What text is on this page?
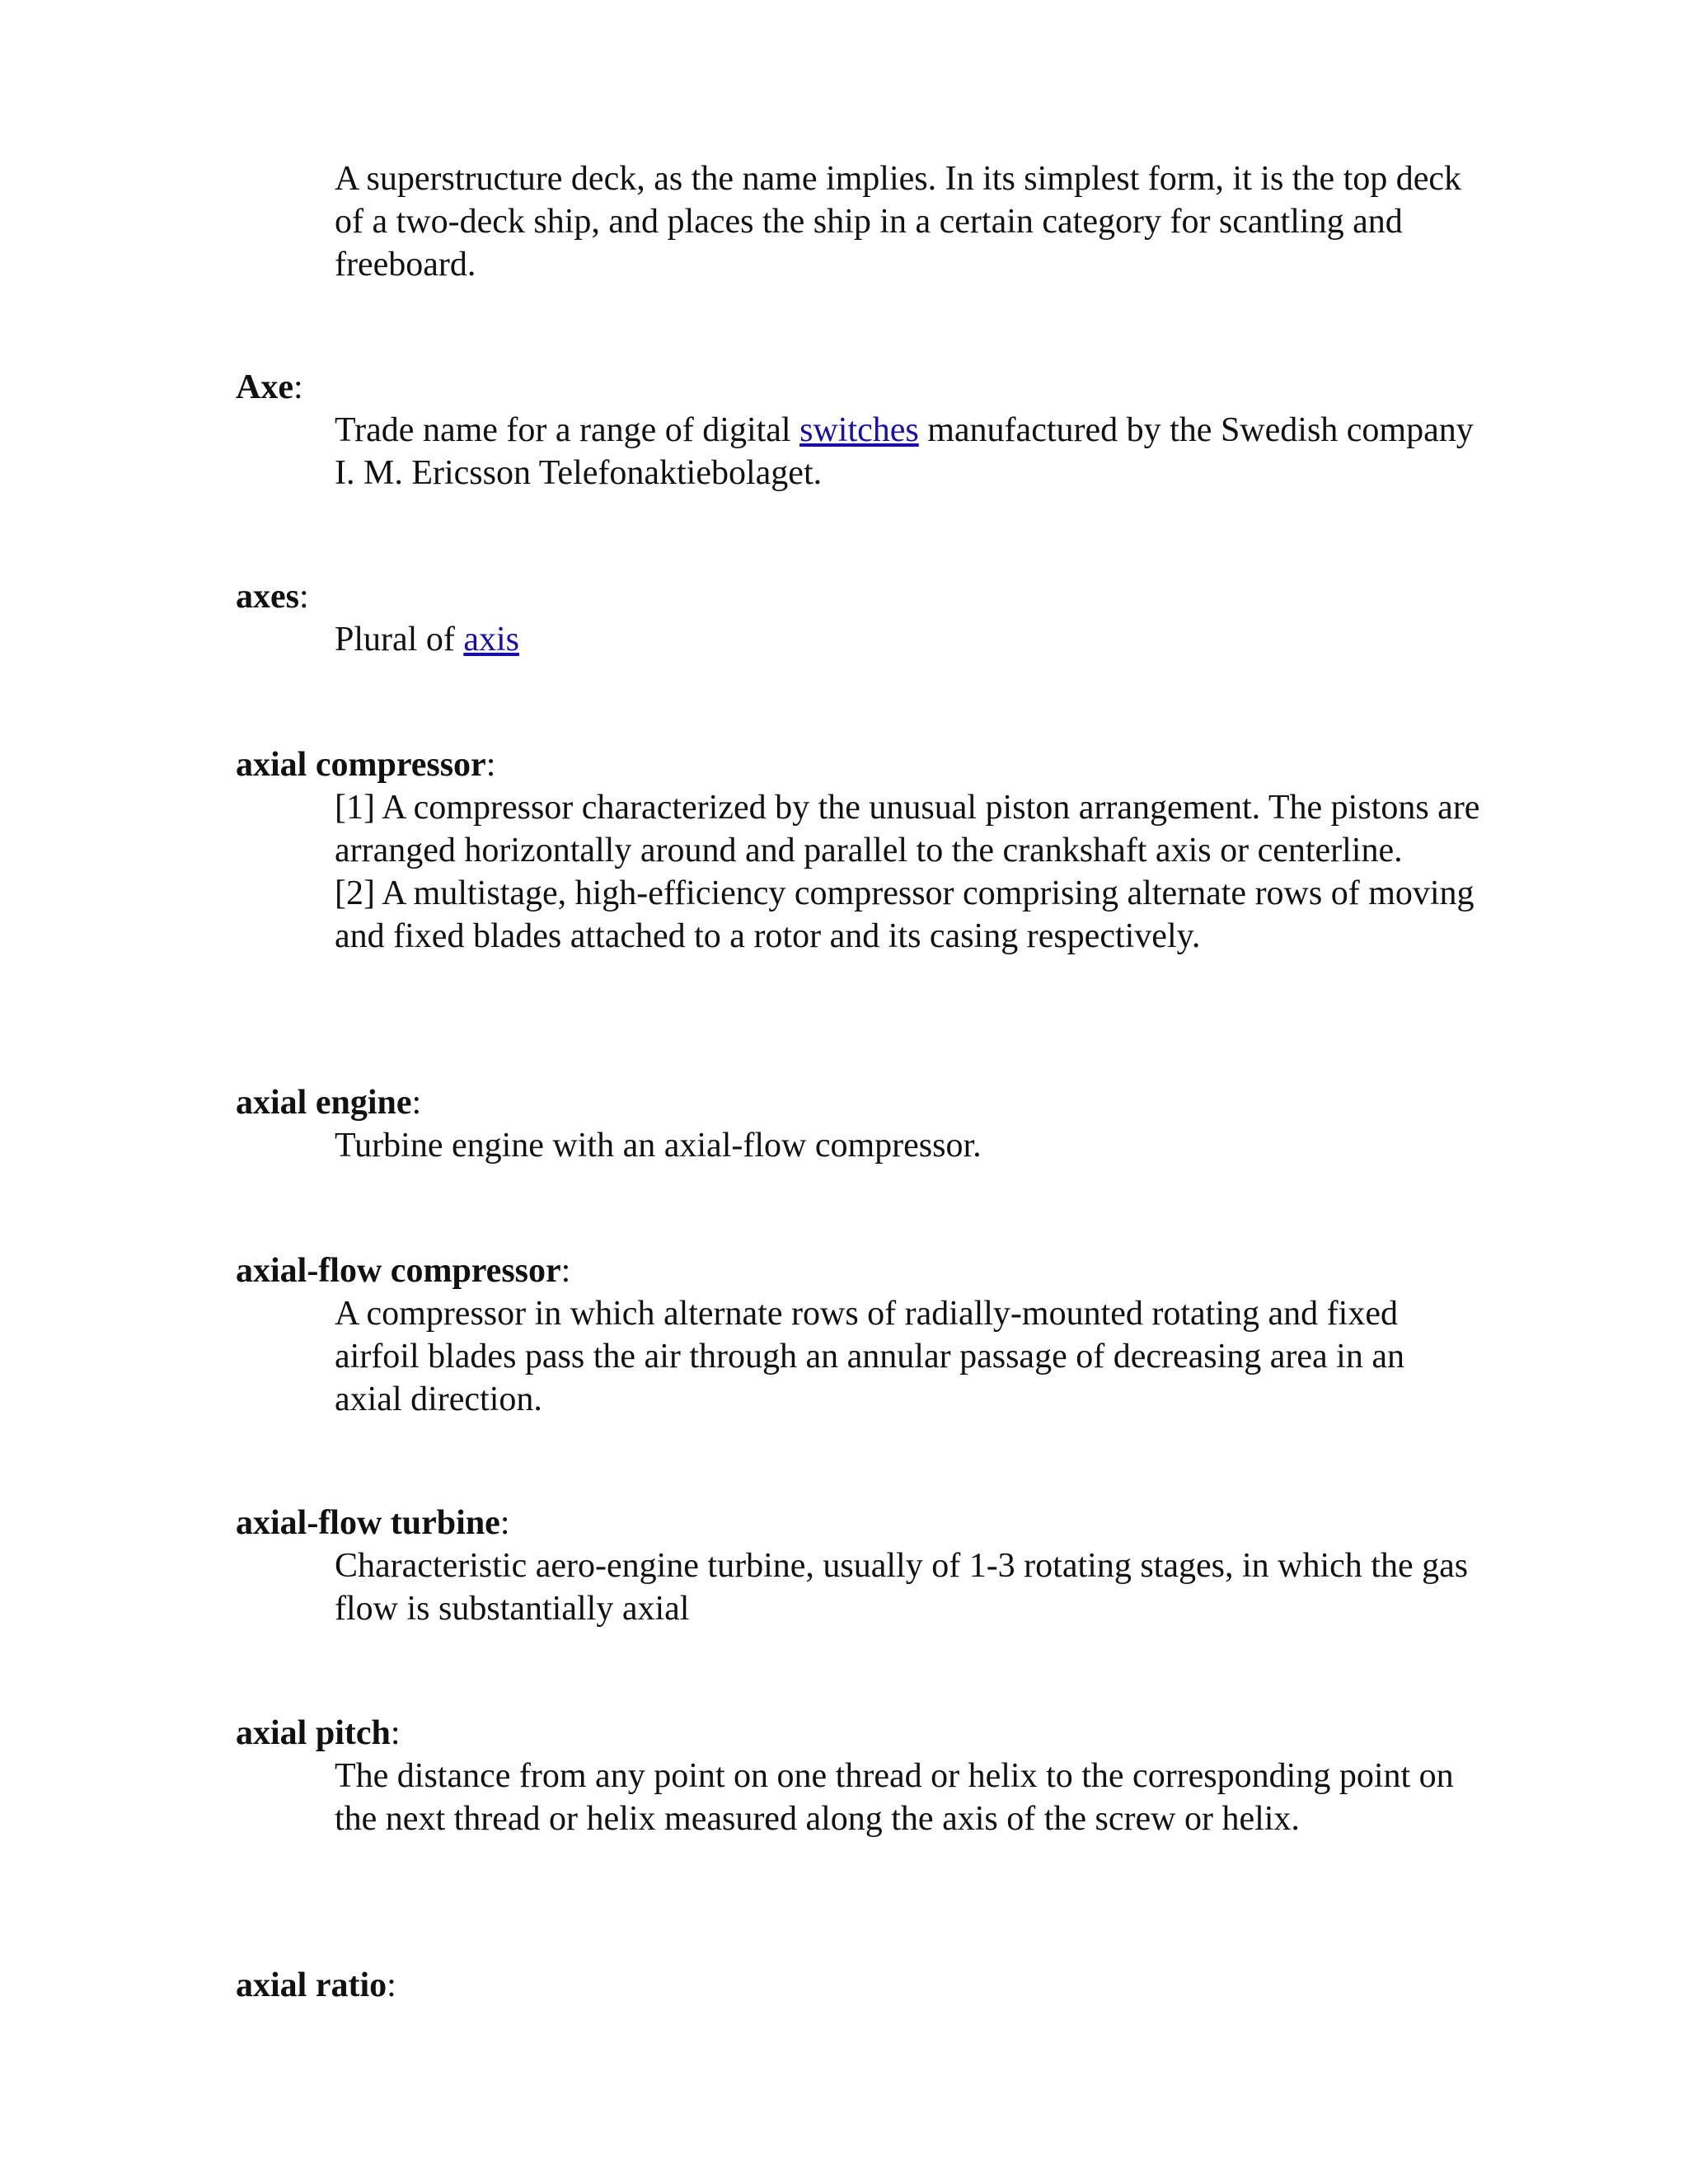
A superstructure deck, as the name implies. In its simplest form, it is the top deck of a two-deck ship, and places the ship in a certain category for scantling and freeboard.

Axe:

Trade name for a range of digital switches manufactured by the Swedish company I. M. Ericsson Telefonaktiebolaget.

axes:

Plural of axis

axial compressor:

[1] A compressor characterized by the unusual piston arrangement. The pistons are arranged horizontally around and parallel to the crankshaft axis or centerline.

[2] A multistage, high-efficiency compressor comprising alternate rows of moving and fixed blades attached to a rotor and its casing respectively.

axial engine:

Turbine engine with an axial-flow compressor.

axial-flow compressor:

A compressor in which alternate rows of radially-mounted rotating and fixed airfoil blades pass the air through an annular passage of decreasing area in an axial direction.

axial-flow turbine:

Characteristic aero-engine turbine, usually of 1-3 rotating stages, in which the gas flow is substantially axial

axial pitch:

The distance from any point on one thread or helix to the corresponding point on the next thread or helix measured along the axis of the screw or helix.

axial ratio:
